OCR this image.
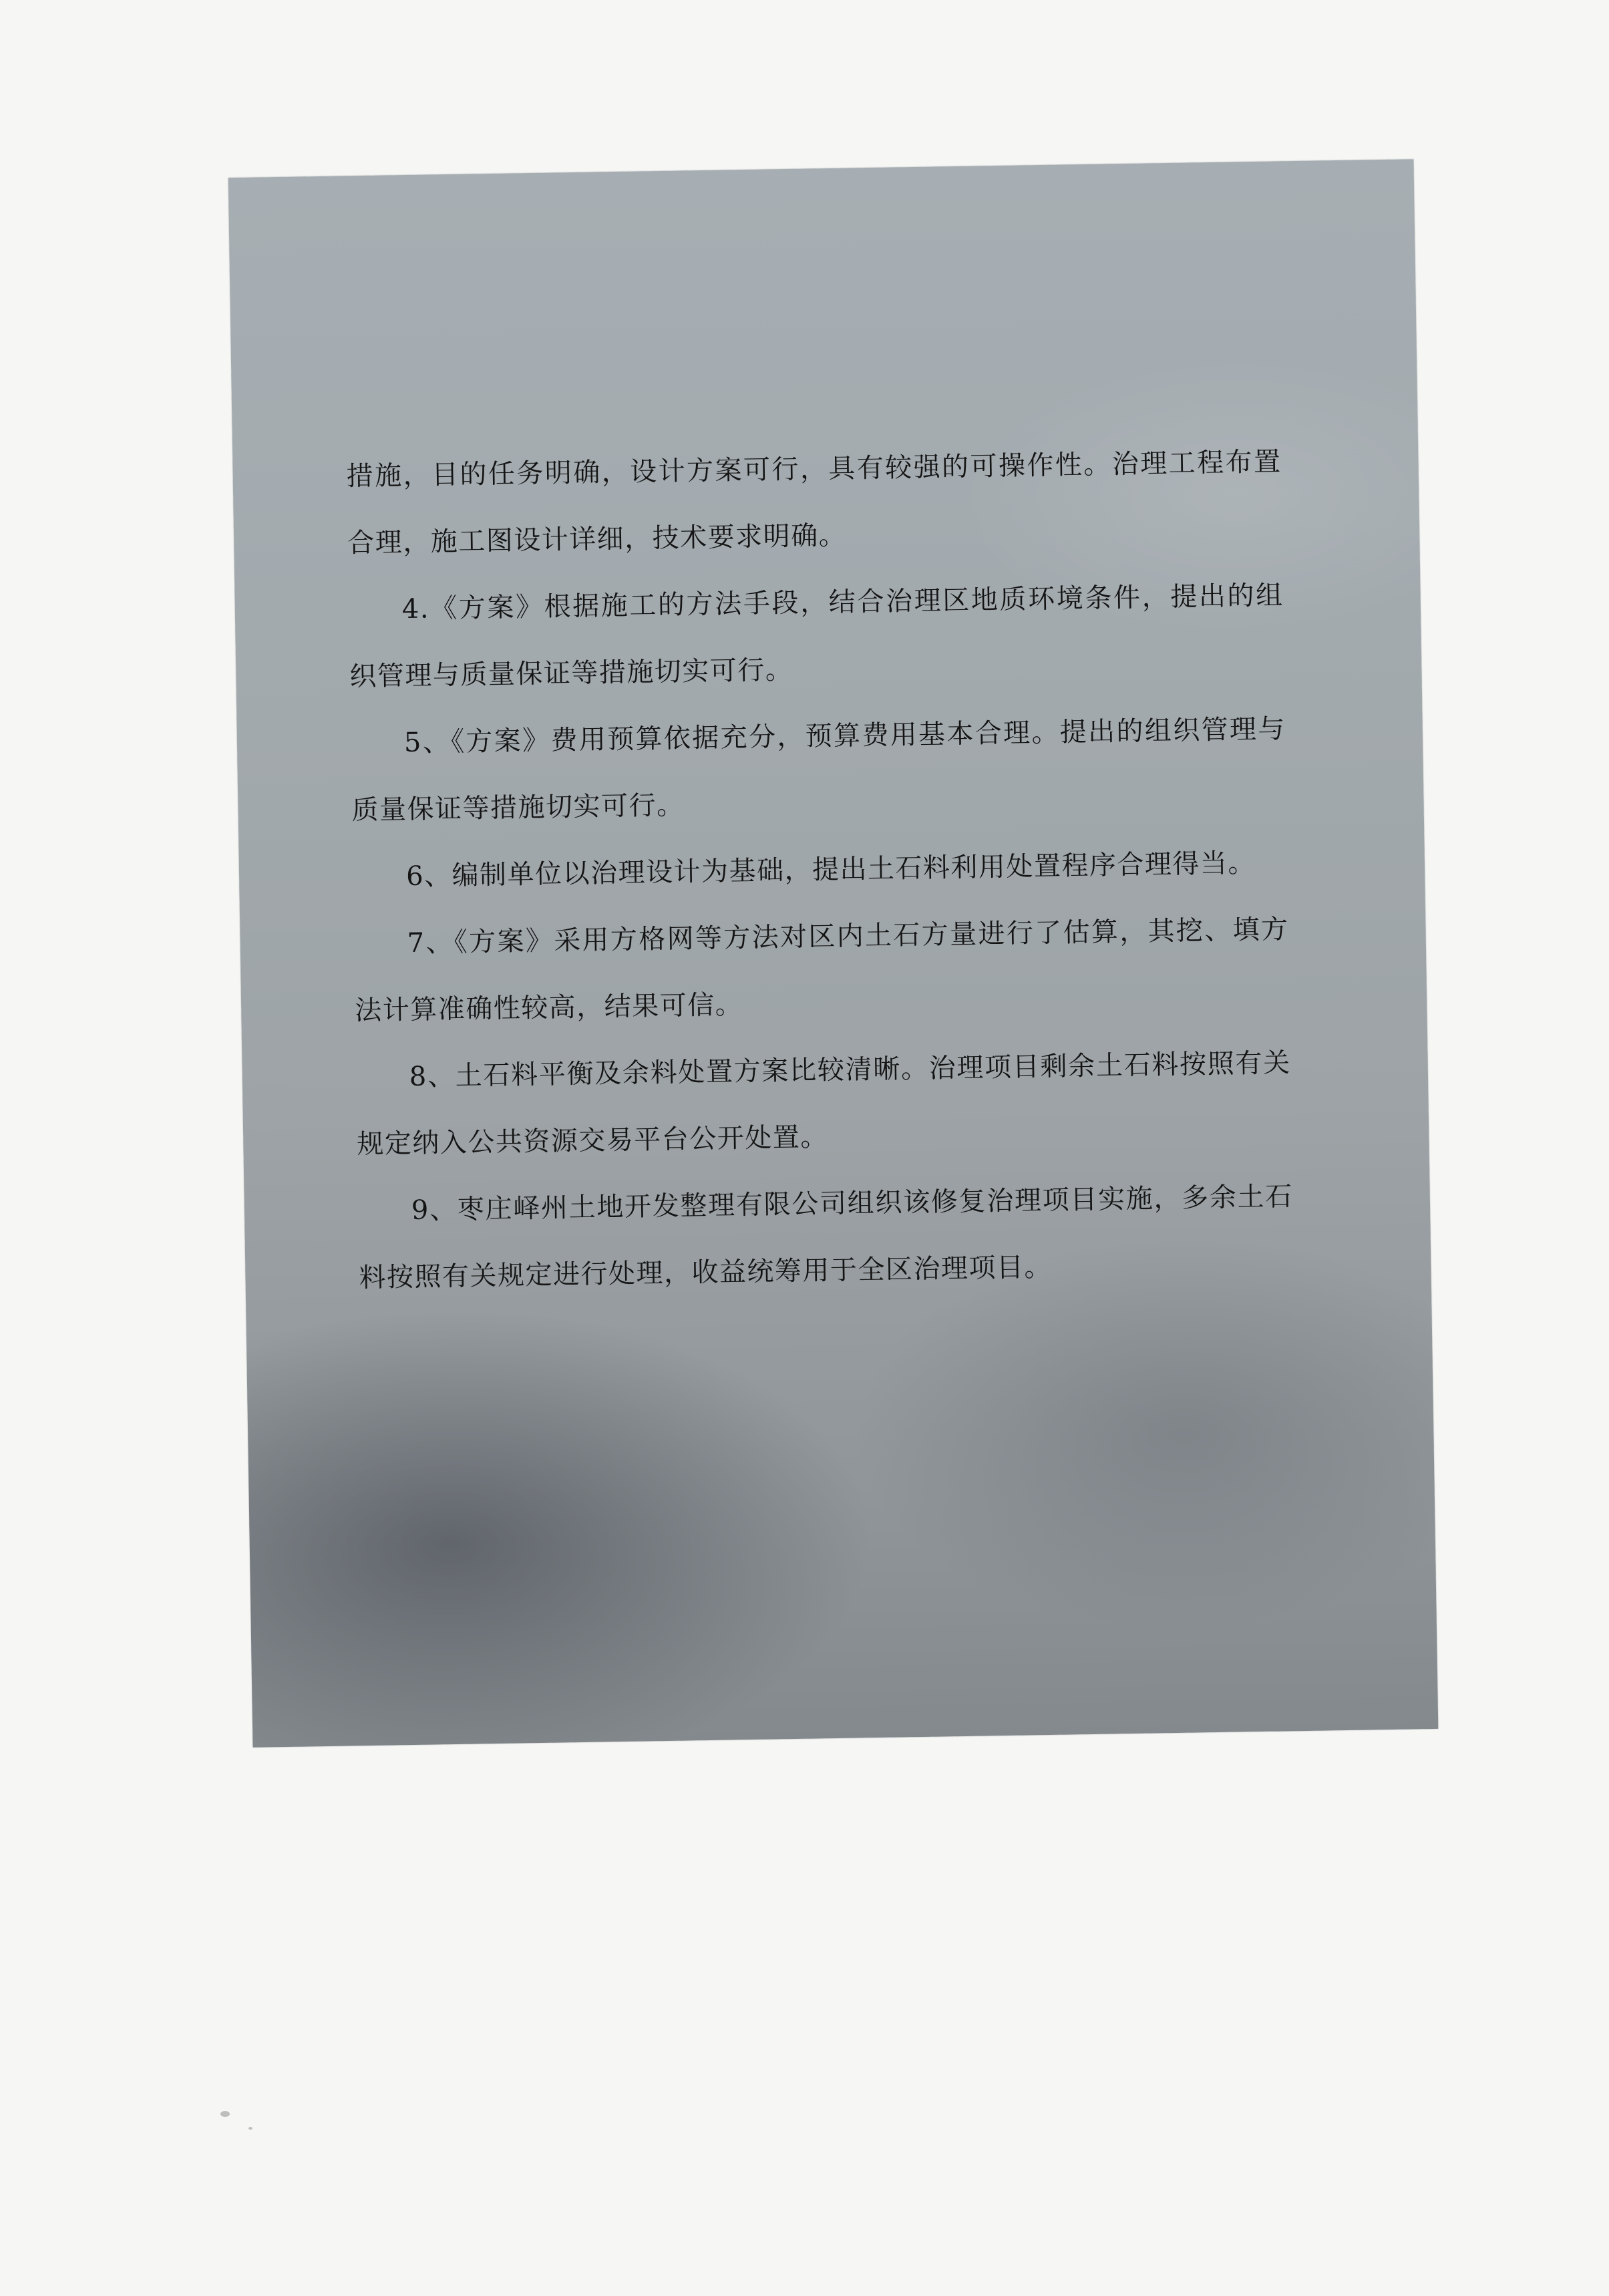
措施，目的任务明确，设计方案可行，具有较强的可操作性。治理工程布置合理，施工图设计详细，技术要求明确。

4.《方案》根据施工的方法手段，结合治理区地质环境条件，提出的组织管理与质量保证等措施切实可行。

5、《方案》费用预算依据充分，预算费用基本合理。提出的组织管理与质量保证等措施切实可行。

6、编制单位以治理设计为基础，提出土石料利用处置程序合理得当。

7、《方案》采用方格网等方法对区内土石方量进行了估算，其挖、填方法计算准确性较高，结果可信。

8、土石料平衡及余料处置方案比较清晰。治理项目剩余土石料按照有关规定纳入公共资源交易平台公开处置。

9、枣庄峄州土地开发整理有限公司组织该修复治理项目实施，多余土石料按照有关规定进行处理，收益统筹用于全区治理项目。
